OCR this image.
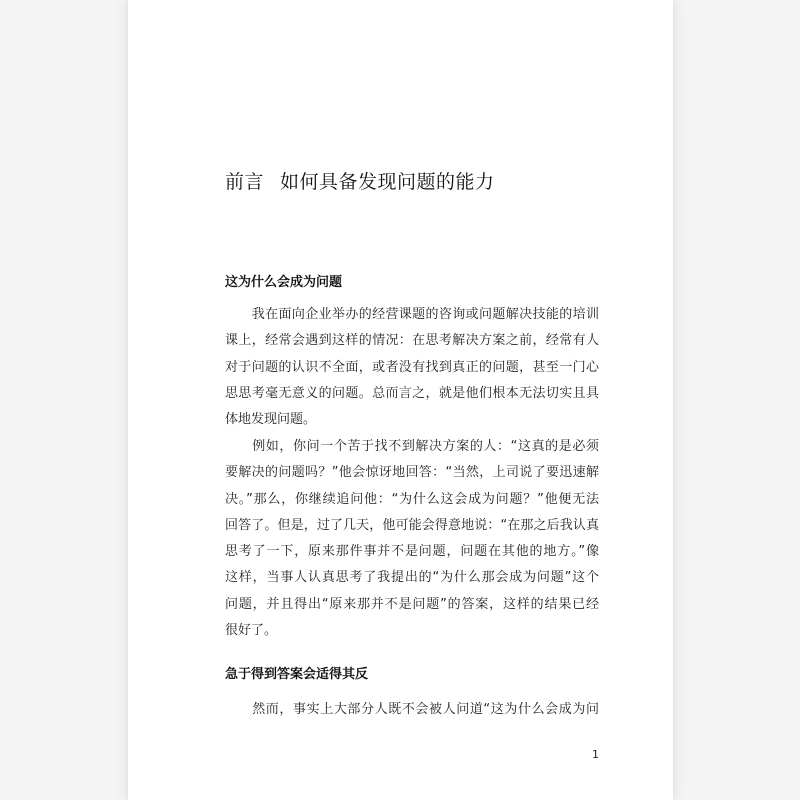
前言 如何具备发现问题的能力
这为什么会成为问题

　　我在面向企业举办的经营课题的咨询或问题解决技能的培训
课上，经常会遇到这样的情况：在思考解决方案之前，经常有人
对于问题的认识不全面，或者没有找到真正的问题，甚至一门心
思思考毫无意义的问题。总而言之，就是他们根本无法切实且具
体地发现问题。

　　例如，你问一个苦于找不到解决方案的人：“这真的是必须
要解决的问题吗？”他会惊讶地回答：“当然，上司说了要迅速解
决。”那么，你继续追问他：“为什么这会成为问题？”他便无法
回答了。但是，过了几天，他可能会得意地说：“在那之后我认真
思考了一下，原来那件事并不是问题，问题在其他的地方。”像
这样，当事人认真思考了我提出的“为什么那会成为问题”这个
问题，并且得出“原来那并不是问题”的答案，这样的结果已经
很好了。

急于得到答案会适得其反

　　然而，事实上大部分人既不会被人问道“这为什么会成为问

1
